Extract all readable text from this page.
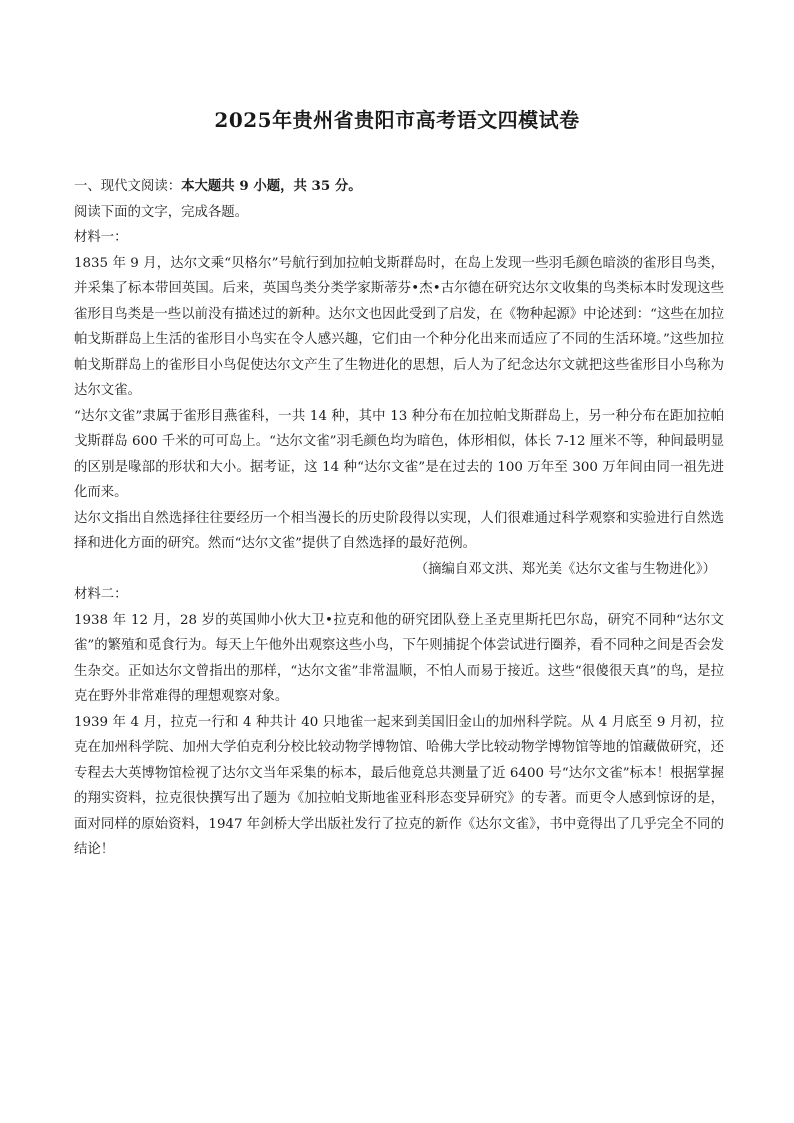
2025年贵州省贵阳市高考语文四模试卷

一、现代文阅读：本大题共 9 小题，共 35 分。

阅读下面的文字，完成各题。

材料一：

1835 年 9 月，达尔文乘“贝格尔”号航行到加拉帕戈斯群岛时，在岛上发现一些羽毛颜色暗淡的雀形目鸟类，并采集了标本带回英国。后来，英国鸟类分类学家斯蒂芬•杰•古尔德在研究达尔文收集的鸟类标本时发现这些雀形目鸟类是一些以前没有描述过的新种。达尔文也因此受到了启发，在《物种起源》中论述到：“这些在加拉帕戈斯群岛上生活的雀形目小鸟实在令人感兴趣，它们由一个种分化出来而适应了不同的生活环境。”这些加拉帕戈斯群岛上的雀形目小鸟促使达尔文产生了生物进化的思想，后人为了纪念达尔文就把这些雀形目小鸟称为达尔文雀。

“达尔文雀”隶属于雀形目燕雀科，一共 14 种，其中 13 种分布在加拉帕戈斯群岛上，另一种分布在距加拉帕戈斯群岛 600 千米的可可岛上。“达尔文雀”羽毛颜色均为暗色，体形相似，体长 7-12 厘米不等，种间最明显的区别是喙部的形状和大小。据考证，这 14 种“达尔文雀”是在过去的 100 万年至 300 万年间由同一祖先进化而来。

达尔文指出自然选择往往要经历一个相当漫长的历史阶段得以实现，人们很难通过科学观察和实验进行自然选择和进化方面的研究。然而“达尔文雀”提供了自然选择的最好范例。

（摘编自邓文洪、郑光美《达尔文雀与生物进化》）

材料二：

1938 年 12 月，28 岁的英国帅小伙大卫•拉克和他的研究团队登上圣克里斯托巴尔岛，研究不同种“达尔文雀”的繁殖和觅食行为。每天上午他外出观察这些小鸟，下午则捕捉个体尝试进行圈养，看不同种之间是否会发生杂交。正如达尔文曾指出的那样，“达尔文雀”非常温顺，不怕人而易于接近。这些“很傻很天真”的鸟，是拉克在野外非常难得的理想观察对象。

1939 年 4 月，拉克一行和 4 种共计 40 只地雀一起来到美国旧金山的加州科学院。从 4 月底至 9 月初，拉克在加州科学院、加州大学伯克利分校比较动物学博物馆、哈佛大学比较动物学博物馆等地的馆藏做研究，还专程去大英博物馆检视了达尔文当年采集的标本，最后他竟总共测量了近 6400 号“达尔文雀”标本！根据掌握的翔实资料，拉克很快撰写出了题为《加拉帕戈斯地雀亚科形态变异研究》的专著。而更令人感到惊讶的是，面对同样的原始资料，1947 年剑桥大学出版社发行了拉克的新作《达尔文雀》，书中竟得出了几乎完全不同的结论！
